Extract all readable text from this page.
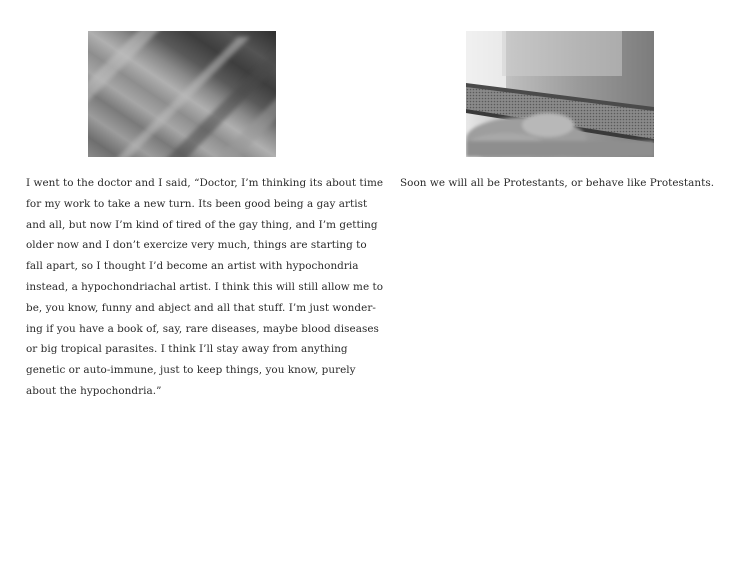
I went to the doctor and I said, “Doctor, I’m thinking its about time
for my work to take a new turn. Its been good being a gay artist
and all, but now I’m kind of tired of the gay thing, and I’m getting
older now and I don’t exercize very much, things are starting to
fall apart, so I thought I’d become an artist with hypochondria
instead, a hypochondriachal artist. I think this will still allow me to
be, you know, funny and abject and all that stuff. I’m just wonder-
ing if you have a book of, say, rare diseases, maybe blood diseases
or big tropical parasites. I think I’ll stay away from anything
genetic or auto-immune, just to keep things, you know, purely
about the hypochondria.”
Soon we will all be Protestants, or behave like Protestants.
